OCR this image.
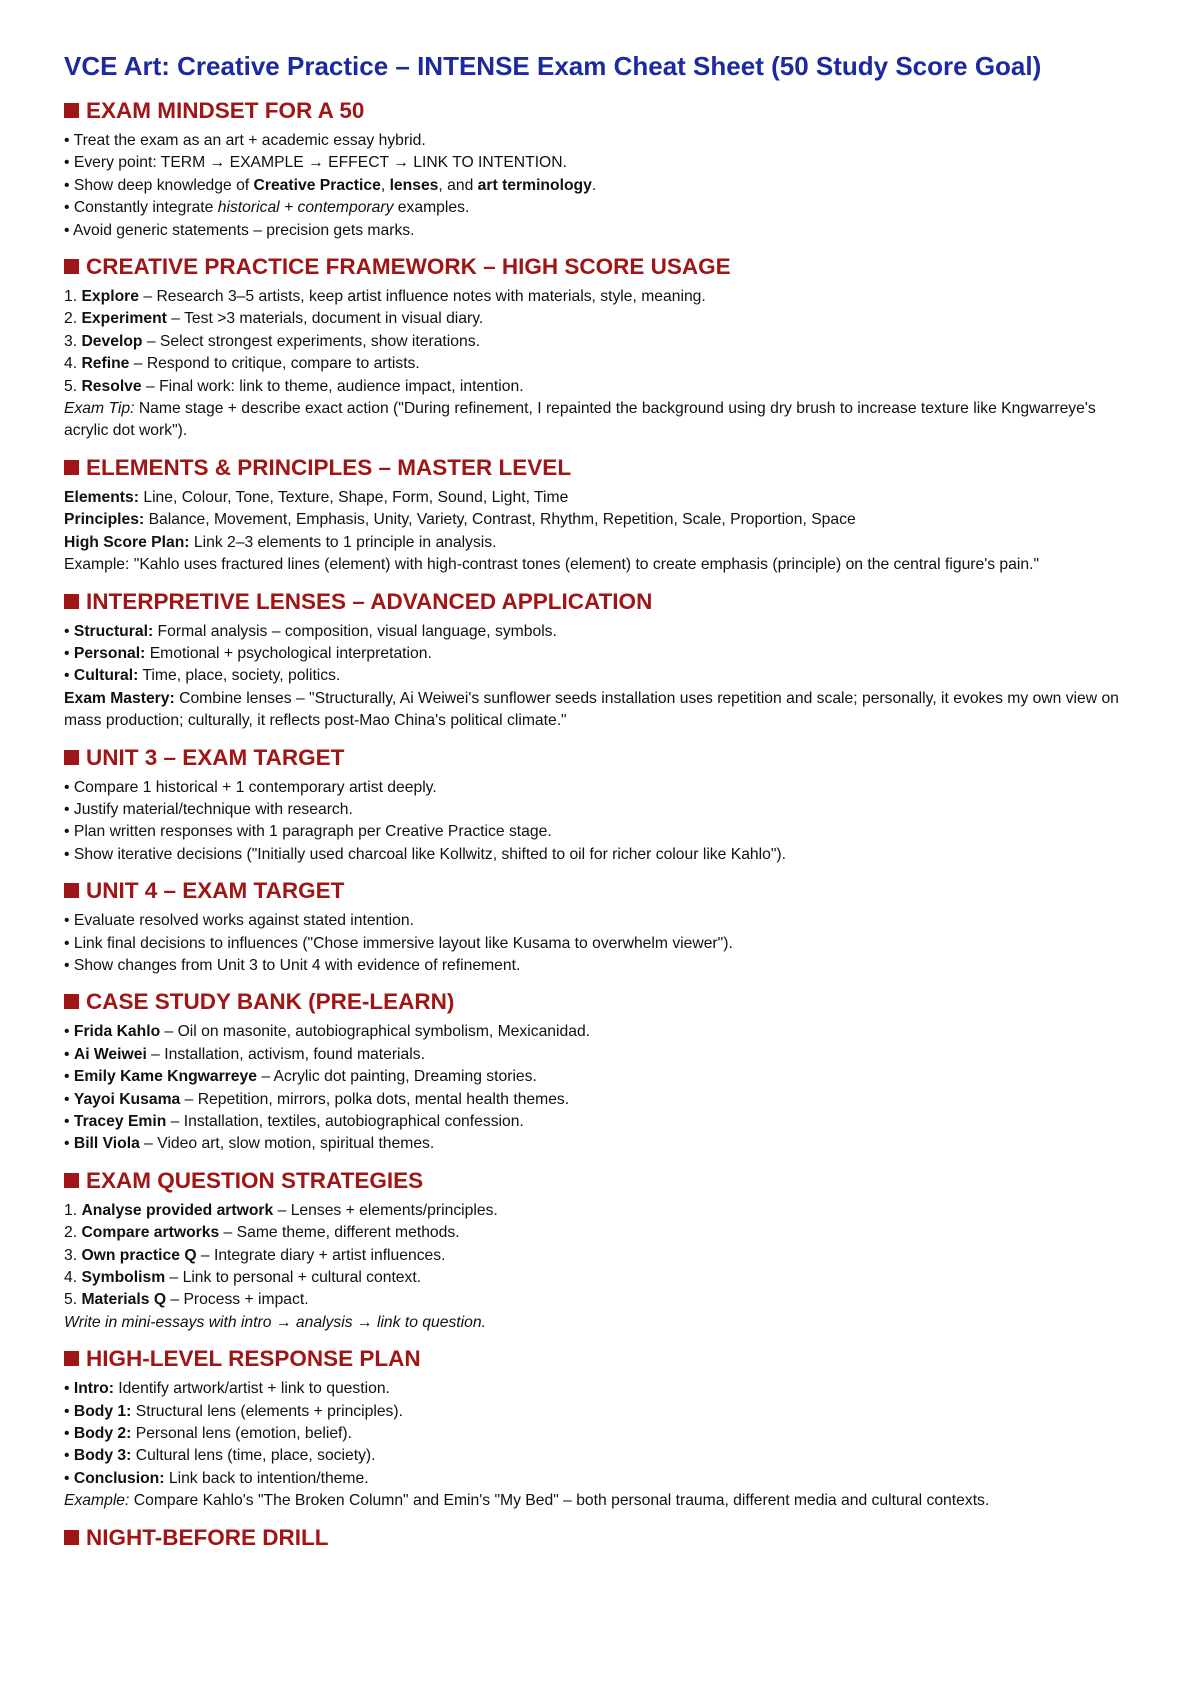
VCE Art: Creative Practice – INTENSE Exam Cheat Sheet (50 Study Score Goal)
EXAM MINDSET FOR A 50

• Treat the exam as an art + academic essay hybrid.

• Every point: TERM → EXAMPLE → EFFECT → LINK TO INTENTION.

• Show deep knowledge of Creative Practice, lenses, and art terminology.

• Constantly integrate historical + contemporary examples.

• Avoid generic statements – precision gets marks.

CREATIVE PRACTICE FRAMEWORK – HIGH SCORE USAGE

1. Explore – Research 3–5 artists, keep artist influence notes with materials, style, meaning.

2. Experiment – Test >3 materials, document in visual diary.

3. Develop – Select strongest experiments, show iterations.

4. Refine – Respond to critique, compare to artists.

5. Resolve – Final work: link to theme, audience impact, intention.

Exam Tip: Name stage + describe exact action ("During refinement, I repainted the background using dry brush to increase texture like Kngwarreye's acrylic dot work").

ELEMENTS & PRINCIPLES – MASTER LEVEL

Elements: Line, Colour, Tone, Texture, Shape, Form, Sound, Light, Time

Principles: Balance, Movement, Emphasis, Unity, Variety, Contrast, Rhythm, Repetition, Scale, Proportion, Space

High Score Plan: Link 2–3 elements to 1 principle in analysis.

Example: "Kahlo uses fractured lines (element) with high-contrast tones (element) to create emphasis (principle) on the central figure's pain."

INTERPRETIVE LENSES – ADVANCED APPLICATION

• Structural: Formal analysis – composition, visual language, symbols.

• Personal: Emotional + psychological interpretation.

• Cultural: Time, place, society, politics.

Exam Mastery: Combine lenses – "Structurally, Ai Weiwei's sunflower seeds installation uses repetition and scale; personally, it evokes my own view on mass production; culturally, it reflects post-Mao China's political climate."

UNIT 3 – EXAM TARGET

• Compare 1 historical + 1 contemporary artist deeply.

• Justify material/technique with research.

• Plan written responses with 1 paragraph per Creative Practice stage.

• Show iterative decisions ("Initially used charcoal like Kollwitz, shifted to oil for richer colour like Kahlo").

UNIT 4 – EXAM TARGET

• Evaluate resolved works against stated intention.

• Link final decisions to influences ("Chose immersive layout like Kusama to overwhelm viewer").

• Show changes from Unit 3 to Unit 4 with evidence of refinement.

CASE STUDY BANK (PRE-LEARN)

• Frida Kahlo – Oil on masonite, autobiographical symbolism, Mexicanidad.

• Ai Weiwei – Installation, activism, found materials.

• Emily Kame Kngwarreye – Acrylic dot painting, Dreaming stories.

• Yayoi Kusama – Repetition, mirrors, polka dots, mental health themes.

• Tracey Emin – Installation, textiles, autobiographical confession.

• Bill Viola – Video art, slow motion, spiritual themes.

EXAM QUESTION STRATEGIES

1. Analyse provided artwork – Lenses + elements/principles.

2. Compare artworks – Same theme, different methods.

3. Own practice Q – Integrate diary + artist influences.

4. Symbolism – Link to personal + cultural context.

5. Materials Q – Process + impact.

Write in mini-essays with intro → analysis → link to question.

HIGH-LEVEL RESPONSE PLAN

• Intro: Identify artwork/artist + link to question.

• Body 1: Structural lens (elements + principles).

• Body 2: Personal lens (emotion, belief).

• Body 3: Cultural lens (time, place, society).

• Conclusion: Link back to intention/theme.

Example: Compare Kahlo's "The Broken Column" and Emin's "My Bed" – both personal trauma, different media and cultural contexts.

NIGHT-BEFORE DRILL
